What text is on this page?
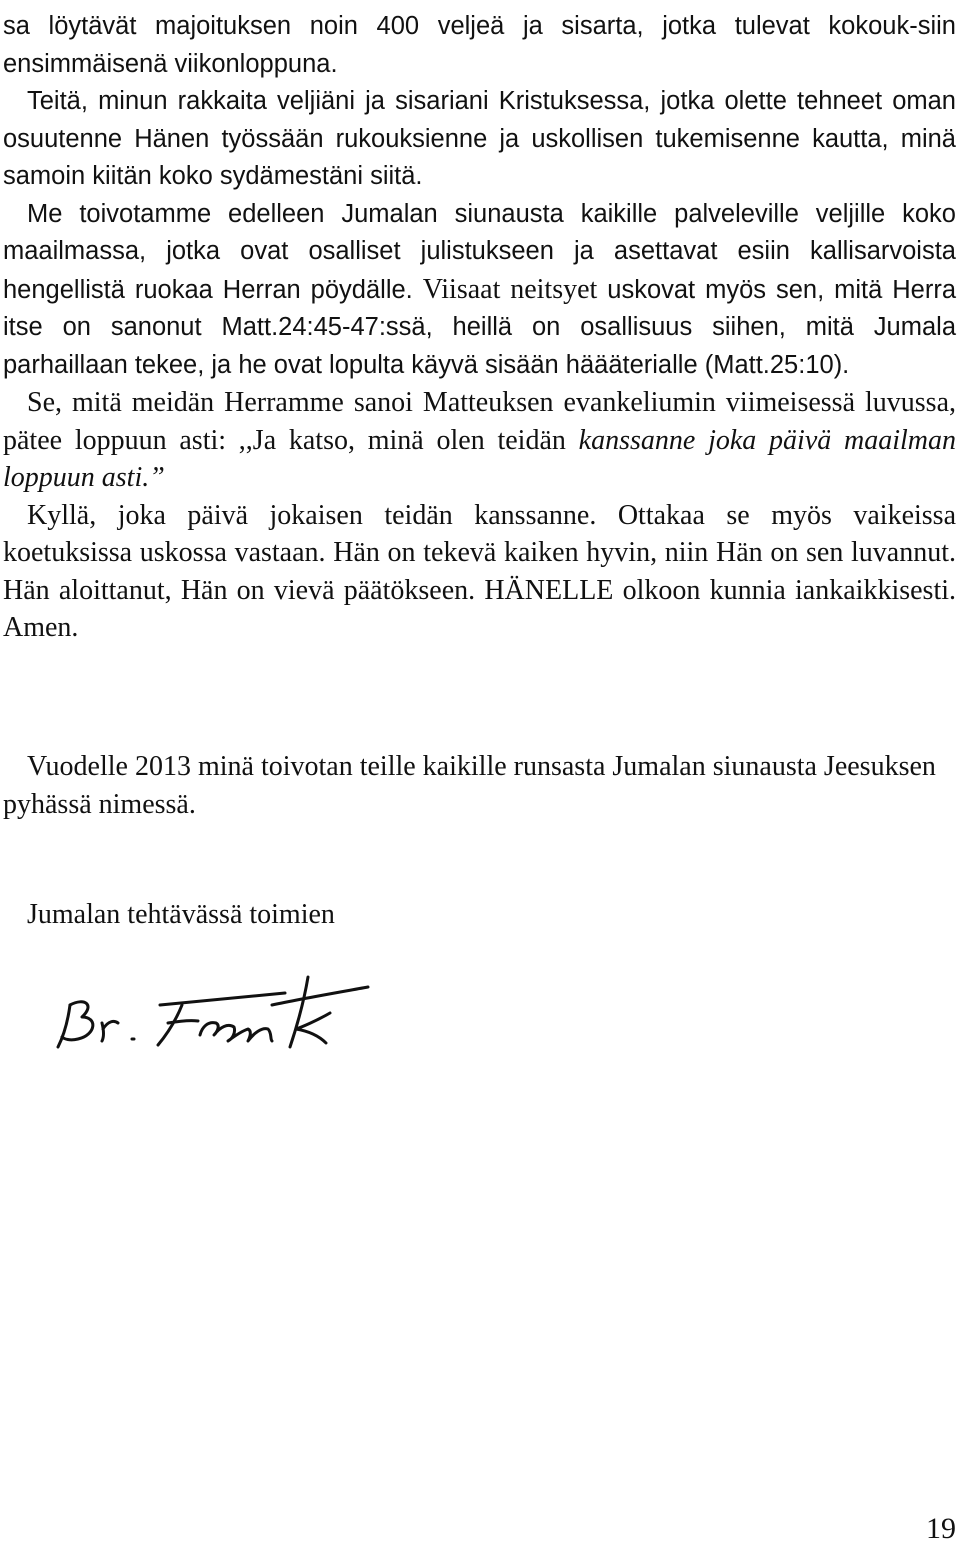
sa löytävät majoituksen noin 400 veljeä ja sisarta, jotka tulevat kokouk-siin ensimmäisenä viikonloppuna.

Teitä, minun rakkaita veljiäni ja sisariani Kristuksessa, jotka olette tehneet oman osuutenne Hänen työssään rukouksienne ja uskollisen tukemisenne kautta, minä samoin kiitän koko sydämestäni siitä.

Me toivotamme edelleen Jumalan siunausta kaikille palveleville veljille koko maailmassa, jotka ovat osalliset julistukseen ja asettavat esiin kallisarvoista hengellistä ruokaa Herran pöydälle. Viisaat neitsyet uskovat myös sen, mitä Herra itse on sanonut Matt.24:45-47:ssä, heillä on osallisuus siihen, mitä Jumala parhaillaan tekee, ja he ovat lopulta käyvä sisään häääterialle (Matt.25:10).

Se, mitä meidän Herramme sanoi Matteuksen evankeliumin viimeisessä luvussa, pätee loppuun asti: ,,Ja katso, minä olen teidän kanssanne joka päivä maailman loppuun asti.”

Kyllä, joka päivä jokaisen teidän kanssanne. Ottakaa se myös vaikeissa koetuksissa uskossa vastaan. Hän on tekevä kaiken hyvin, niin Hän on sen luvannut. Hän aloittanut, Hän on vievä päätökseen. HÄNELLE olkoon kunnia iankaikkisesti. Amen.

Vuodelle 2013 minä toivotan teille kaikille runsasta Jumalan siunausta Jeesuksen pyhässä nimessä.

Jumalan tehtävässä toimien
19
